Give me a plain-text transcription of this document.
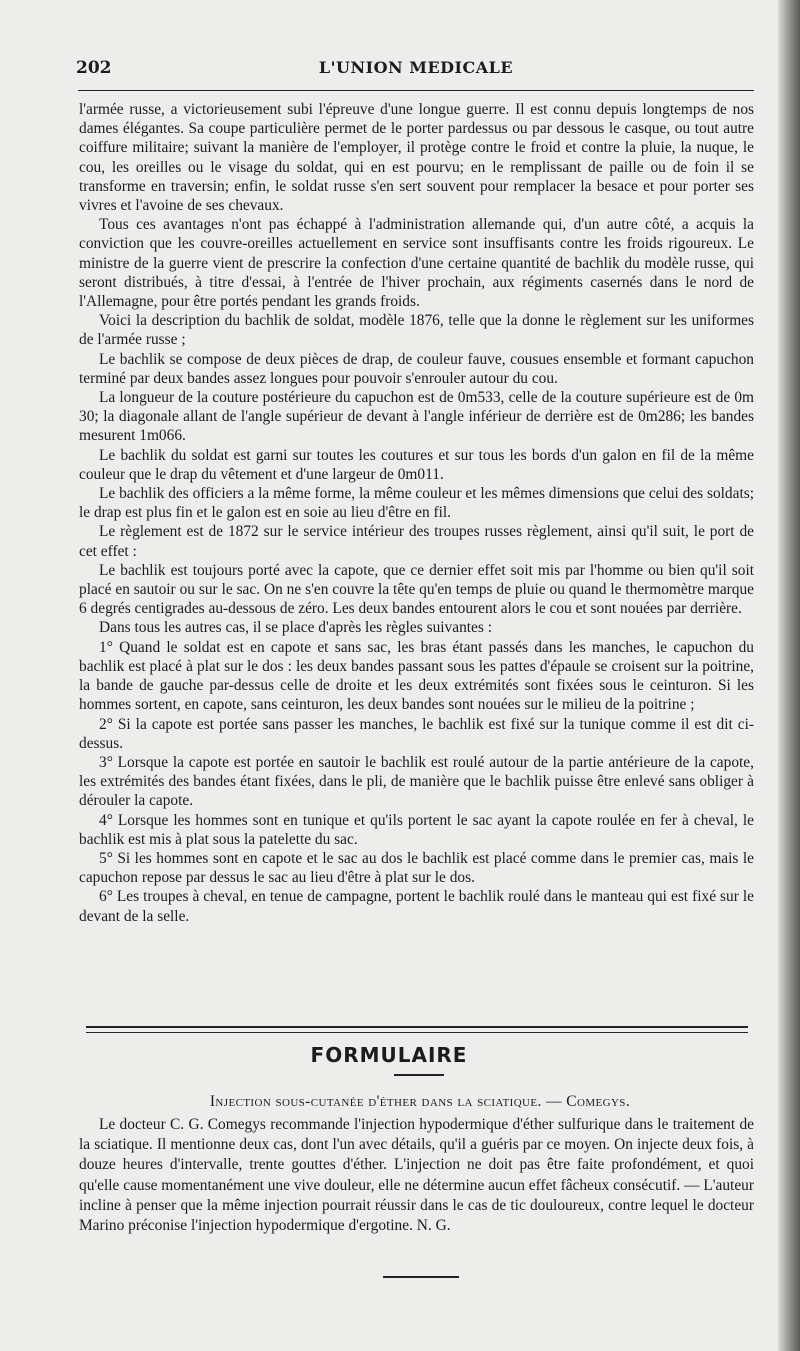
202	L'UNION MEDICALE

l'armée russe, a victorieusement subi l'épreuve d'une longue guerre. Il est connu depuis longtemps de nos dames élégantes. Sa coupe particulière permet de le porter pardessus ou par dessous le casque, ou tout autre coiffure militaire; suivant la manière de l'employer, il protège contre le froid et contre la pluie, la nuque, le cou, les oreilles ou le visage du soldat, qui en est pourvu; en le remplissant de paille ou de foin il se transforme en traversin; enfin, le soldat russe s'en sert souvent pour remplacer la besace et pour porter ses vivres et l'avoine de ses chevaux.

Tous ces avantages n'ont pas échappé à l'administration allemande qui, d'un autre côté, a acquis la conviction que les couvre-oreilles actuellement en service sont insuffisants contre les froids rigoureux. Le ministre de la guerre vient de prescrire la confection d'une certaine quantité de bachlik du modèle russe, qui seront distribués, à titre d'essai, à l'entrée de l'hiver prochain, aux régiments casernés dans le nord de l'Allemagne, pour être portés pendant les grands froids.

Voici la description du bachlik de soldat, modèle 1876, telle que la donne le règlement sur les uniformes de l'armée russe ;

Le bachlik se compose de deux pièces de drap, de couleur fauve, cousues ensemble et formant capuchon terminé par deux bandes assez longues pour pouvoir s'enrouler autour du cou.

La longueur de la couture postérieure du capuchon est de 0m533, celle de la couture supérieure est de 0m 30; la diagonale allant de l'angle supérieur de devant à l'angle inférieur de derrière est de 0m286; les bandes mesurent 1m066.

Le bachlik du soldat est garni sur toutes les coutures et sur tous les bords d'un galon en fil de la même couleur que le drap du vêtement et d'une largeur de 0m011.

Le bachlik des officiers a la même forme, la même couleur et les mêmes dimensions que celui des soldats; le drap est plus fin et le galon est en soie au lieu d'être en fil.

Le règlement est de 1872 sur le service intérieur des troupes russes règlement, ainsi qu'il suit, le port de cet effet :

Le bachlik est toujours porté avec la capote, que ce dernier effet soit mis par l'homme ou bien qu'il soit placé en sautoir ou sur le sac. On ne s'en couvre la tête qu'en temps de pluie ou quand le thermomètre marque 6 degrés centigrades au-dessous de zéro. Les deux bandes entourent alors le cou et sont nouées par derrière.

Dans tous les autres cas, il se place d'après les règles suivantes :

1° Quand le soldat est en capote et sans sac, les bras étant passés dans les manches, le capuchon du bachlik est placé à plat sur le dos : les deux bandes passant sous les pattes d'épaule se croisent sur la poitrine, la bande de gauche par-dessus celle de droite et les deux extrémités sont fixées sous le ceinturon. Si les hommes sortent, en capote, sans ceinturon, les deux bandes sont nouées sur le milieu de la poitrine ;

2° Si la capote est portée sans passer les manches, le bachlik est fixé sur la tunique comme il est dit ci-dessus.

3° Lorsque la capote est portée en sautoir le bachlik est roulé autour de la partie antérieure de la capote, les extrémités des bandes étant fixées, dans le pli, de manière que le bachlik puisse être enlevé sans obliger à dérouler la capote.

4° Lorsque les hommes sont en tunique et qu'ils portent le sac ayant la capote roulée en fer à cheval, le bachlik est mis à plat sous la patelette du sac.

5° Si les hommes sont en capote et le sac au dos le bachlik est placé comme dans le premier cas, mais le capuchon repose par dessus le sac au lieu d'être à plat sur le dos.

6° Les troupes à cheval, en tenue de campagne, portent le bachlik roulé dans le manteau qui est fixé sur le devant de la selle.

FORMULAIRE
Injection sous-cutanée d'éther dans la sciatique. — Comegys.

Le docteur C. G. Comegys recommande l'injection hypodermique d'éther sulfurique dans le traitement de la sciatique. Il mentionne deux cas, dont l'un avec détails, qu'il a guéris par ce moyen. On injecte deux fois, à douze heures d'intervalle, trente gouttes d'éther. L'injection ne doit pas être faite profondément, et quoi qu'elle cause momentanément une vive douleur, elle ne détermine aucun effet fâcheux consécutif. — L'auteur incline à penser que la même injection pourrait réussir dans le cas de tic douloureux, contre lequel le docteur Marino préconise l'injection hypodermique d'ergotine. N. G.
